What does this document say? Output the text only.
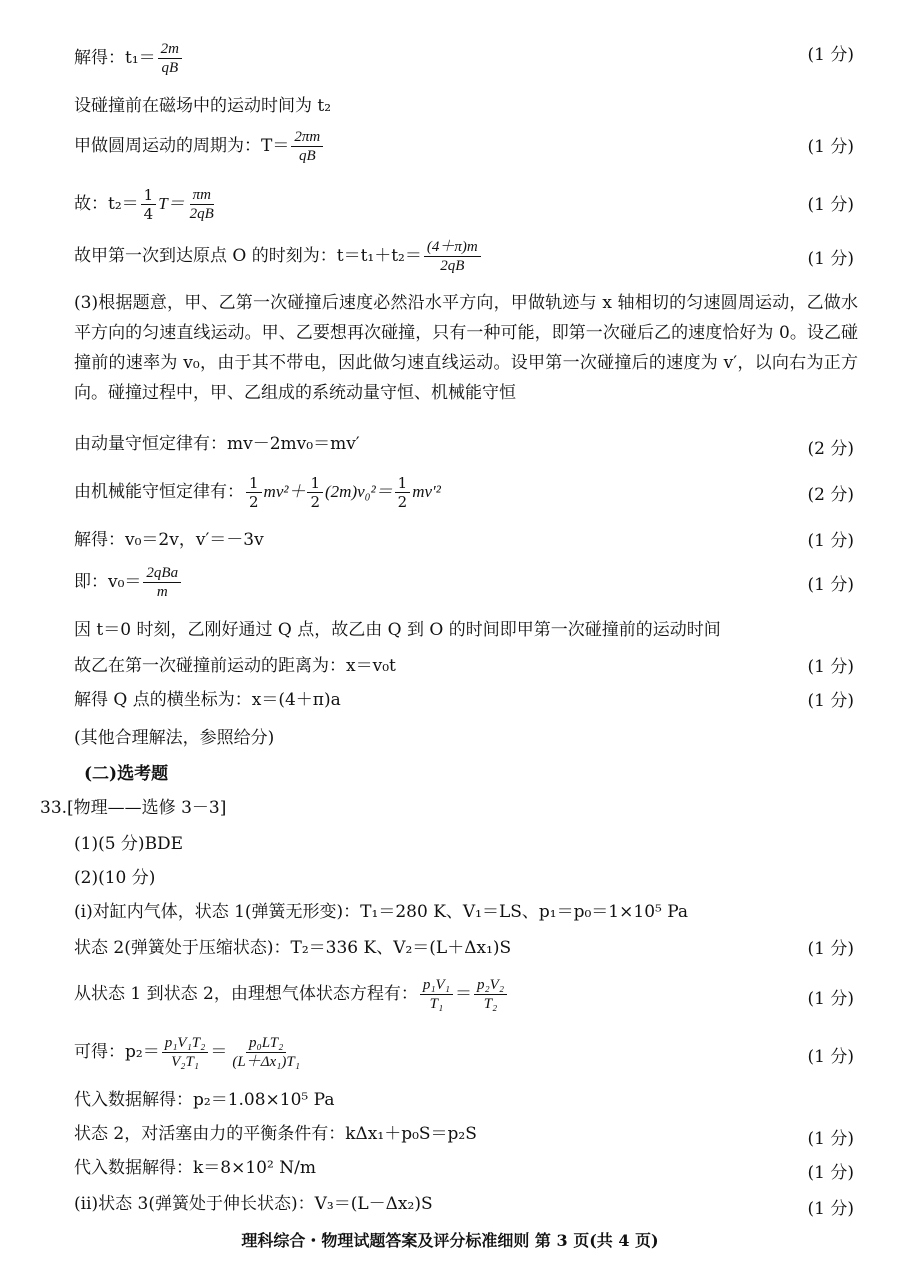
解得：$t_1= \frac{2m}{qB}$	(1 分)
设碰撞前在磁场中的运动时间为 t₂
甲做圆周运动的周期为：$T= \frac{2\pi m}{qB}$	(1 分)
故：$t_2= \frac{1}{4} T= \frac{\pi m}{2qB}$	(1 分)
故甲第一次到达原点 O 的时刻为：$t=t_1+t_2= \frac{(4+\pi)m}{2qB}$	(1 分)
(3)根据题意，甲、乙第一次碰撞后速度必然沿水平方向，甲做轨迹与 x 轴相切的匀速圆周运动，乙做水平方向的匀速直线运动。甲、乙要想再次碰撞，只有一种可能，即第一次碰后乙的速度恰好为 0。设乙碰撞前的速率为 v₀，由于其不带电，因此做匀速直线运动。设甲第一次碰撞后的速度为 v′，以向右为正方向。碰撞过程中，甲、乙组成的系统动量守恒、机械能守恒
由动量守恒定律有：mv－2mv₀＝mv′	(2 分)
由机械能守恒定律有： $\frac{1}{2} mv^2+ \frac{1}{2} (2m)v_0^2= \frac{1}{2} mv'^2$	(2 分)
解得：v₀＝2v，v′＝－3v	(1 分)
即：$v_0= \frac{\text{2qBa}}{m}$	(1 分)
因 t＝0 时刻，乙刚好通过 Q 点，故乙由 Q 到 O 的时间即甲第一次碰撞前的运动时间
故乙在第一次碰撞前运动的距离为：x＝v₀t	(1 分)
解得 Q 点的横坐标为：x＝(4＋π)a	(1 分)
(其他合理解法，参照给分)
(二)选考题
33.[物理——选修 3－3]
(1)(5 分)BDE
(2)(10 分)
(ⅰ)对缸内气体，状态 1(弹簧无形变)：T₁＝280 K、V₁＝LS、p₁＝p₀＝1×10⁵ Pa
状态 2(弹簧处于压缩状态)：T₂＝336 K、V₂＝(L＋Δx₁)S	(1 分)
从状态 1 到状态 2，由理想气体状态方程有： $\frac{\text{p₁V₁}}{\text{T₁}} = \frac{\text{p₂V₂}}{\text{T₂}}$	(1 分)
可得：$p_2= \frac{\text{p₁V₁T₂}}{\text{V₂T₁}} = \frac{\text{p₀LT₂}}{\text{(L＋Δx₁)T₁}}$	(1 分)
代入数据解得：p₂＝1.08×10⁵ Pa
状态 2，对活塞由力的平衡条件有：kΔx₁＋p₀S＝p₂S	(1 分)
代入数据解得：k＝8×10² N/m	(1 分)
(ⅱ)状态 3(弹簧处于伸长状态)：V₃＝(L－Δx₂)S	(1 分)
理科综合・物理试题答案及评分标准细则 第 3 页(共 4 页)
